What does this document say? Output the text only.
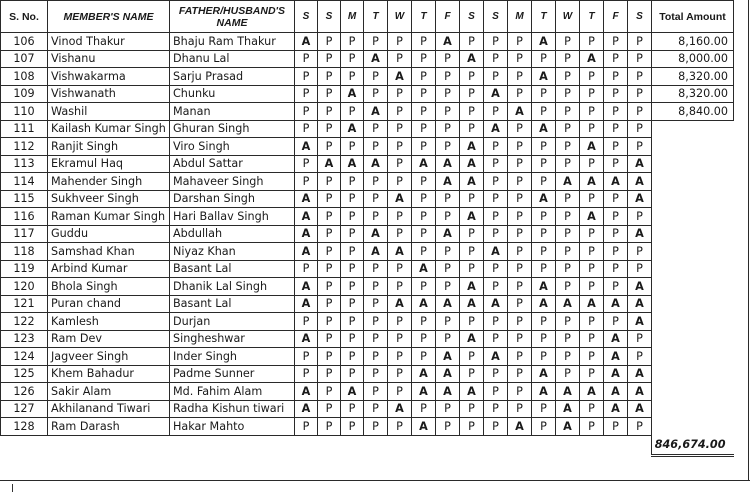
S. No.	MEMBER'S NAME	FATHER/HUSBAND'S NAME	S	S	M	T	W	T	F	S	S	M	T	W	T	F	S	Total Amount
106	Vinod Thakur	Bhaju Ram Thakur	A	P	P	P	P	P	A	P	P	P	A	P	P	P	P	8,160.00
107	Vishanu	Dhanu Lal	P	P	P	A	P	P	P	A	P	P	P	P	A	P	P	8,000.00
108	Vishwakarma	Sarju Prasad	P	P	P	P	A	P	P	P	P	P	A	P	P	P	P	8,320.00
109	Vishwanath	Chunku	P	P	A	P	P	P	P	P	A	P	P	P	P	P	P	8,320.00
110	Washil	Manan	P	P	P	A	P	P	P	P	P	A	P	P	P	P	P	8,840.00
111	Kailash Kumar Singh	Ghuran Singh	P	P	A	P	P	P	P	P	A	P	A	P	P	P	P	
112	Ranjit Singh	Viro Singh	A	P	P	P	P	P	P	A	P	P	P	P	A	P	P	
113	Ekramul Haq	Abdul Sattar	P	A	A	A	P	A	A	A	P	P	P	P	P	P	A	
114	Mahender Singh	Mahaveer Singh	P	P	P	P	P	P	A	A	P	P	P	A	A	A	A	
115	Sukhveer Singh	Darshan Singh	A	P	P	P	A	P	P	P	P	P	A	P	P	P	A	
116	Raman Kumar Singh	Hari Ballav Singh	A	P	P	P	P	P	P	A	P	P	P	P	A	P	P	
117	Guddu	Abdullah	A	P	P	A	P	P	A	P	P	P	P	P	P	P	A	
118	Samshad Khan	Niyaz Khan	A	P	P	A	A	P	P	P	A	P	P	P	P	P	P	
119	Arbind Kumar	Basant Lal	P	P	P	P	P	A	P	P	P	P	P	P	P	P	P	
120	Bhola Singh	Dhanik Lal Singh	A	P	P	P	P	P	P	A	P	P	A	P	P	P	A	
121	Puran chand	Basant Lal	A	P	P	P	A	A	A	A	A	P	A	A	A	A	A	
122	Kamlesh	Durjan	P	P	P	P	P	P	P	P	P	P	P	P	P	P	A	
123	Ram Dev	Singheshwar	A	P	P	P	P	P	P	A	P	P	P	P	P	A	P	
124	Jagveer Singh	Inder Singh	P	P	P	P	P	P	A	P	A	P	P	P	P	A	P	
125	Khem Bahadur	Padme Sunner	P	P	P	P	P	A	A	P	P	P	A	P	P	A	A	
126	Sakir Alam	Md. Fahim Alam	A	P	A	P	P	A	A	A	P	P	A	A	A	A	A	
127	Akhilanand Tiwari	Radha Kishun tiwari	A	P	P	P	A	P	P	P	P	P	P	A	P	A	A	
128	Ram Darash	Hakar Mahto	P	P	P	P	P	A	P	P	P	A	P	A	P	P	P	
																		846,674.00
